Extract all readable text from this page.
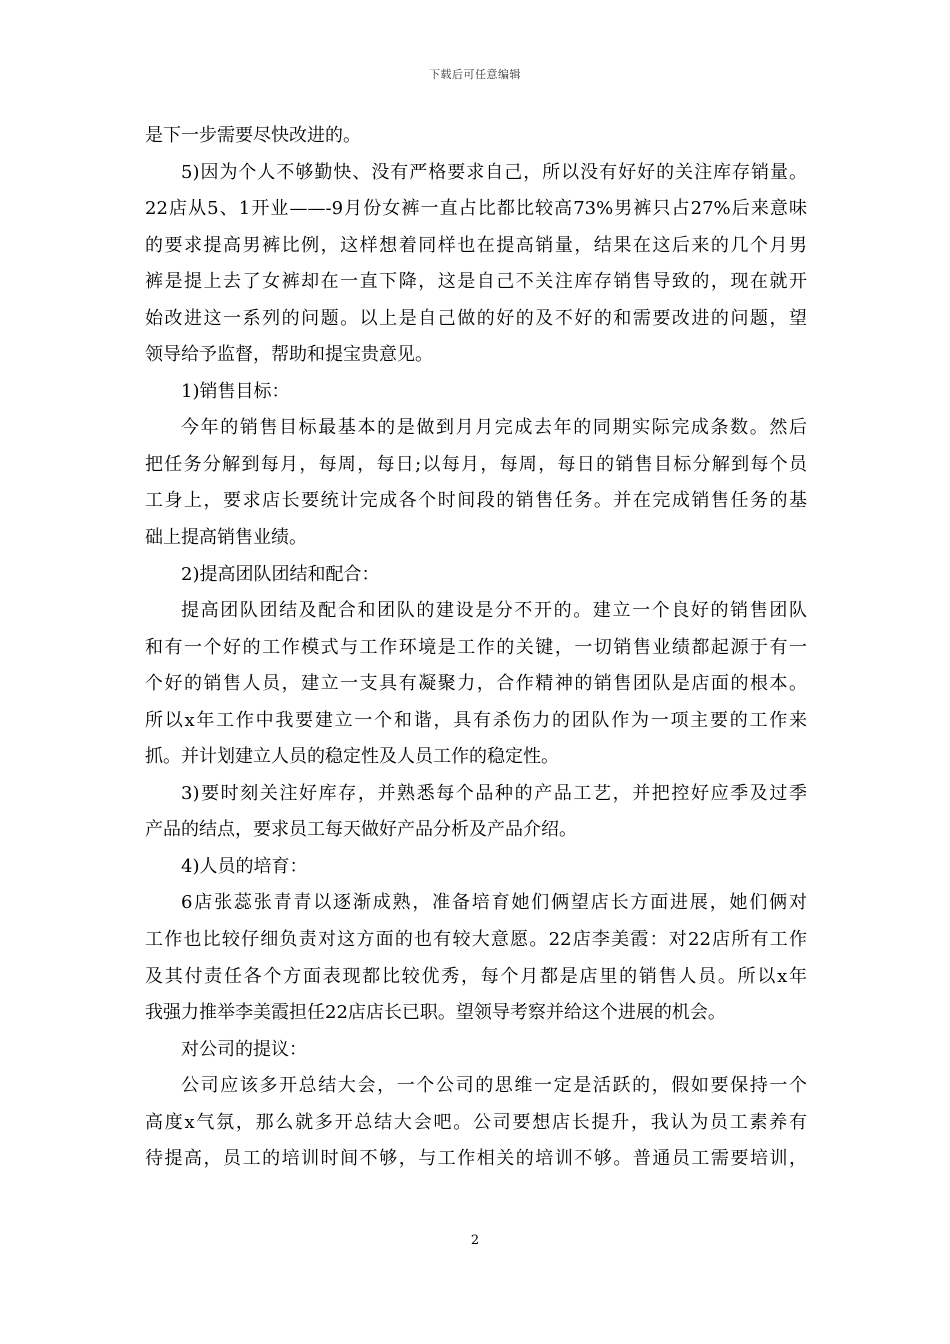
下载后可任意编辑
是下一步需要尽快改进的。
5)因为个人不够勤快、没有严格要求自己，所以没有好好的关注库存销量。
22店从5、1开业——-9月份女裤一直占比都比较高73%男裤只占27%后来意味
的要求提高男裤比例，这样想着同样也在提高销量，结果在这后来的几个月男
裤是提上去了女裤却在一直下降，这是自己不关注库存销售导致的，现在就开
始改进这一系列的问题。以上是自己做的好的及不好的和需要改进的问题，望
领导给予监督，帮助和提宝贵意见。
1)销售目标：
今年的销售目标最基本的是做到月月完成去年的同期实际完成条数。然后
把任务分解到每月，每周，每日;以每月，每周，每日的销售目标分解到每个员
工身上，要求店长要统计完成各个时间段的销售任务。并在完成销售任务的基
础上提高销售业绩。
2)提高团队团结和配合：
提高团队团结及配合和团队的建设是分不开的。建立一个良好的销售团队
和有一个好的工作模式与工作环境是工作的关键，一切销售业绩都起源于有一
个好的销售人员，建立一支具有凝聚力，合作精神的销售团队是店面的根本。
所以x年工作中我要建立一个和谐，具有杀伤力的团队作为一项主要的工作来
抓。并计划建立人员的稳定性及人员工作的稳定性。
3)要时刻关注好库存，并熟悉每个品种的产品工艺，并把控好应季及过季
产品的结点，要求员工每天做好产品分析及产品介绍。
4)人员的培育：
6店张蕊张青青以逐渐成熟，准备培育她们俩望店长方面进展，她们俩对
工作也比较仔细负责对这方面的也有较大意愿。22店李美霞：对22店所有工作
及其付责任各个方面表现都比较优秀，每个月都是店里的销售人员。所以x年
我强力推举李美霞担任22店店长已职。望领导考察并给这个进展的机会。
对公司的提议：
公司应该多开总结大会，一个公司的思维一定是活跃的，假如要保持一个
高度x气氛，那么就多开总结大会吧。公司要想店长提升，我认为员工素养有
待提高，员工的培训时间不够，与工作相关的培训不够。普通员工需要培训，
2
